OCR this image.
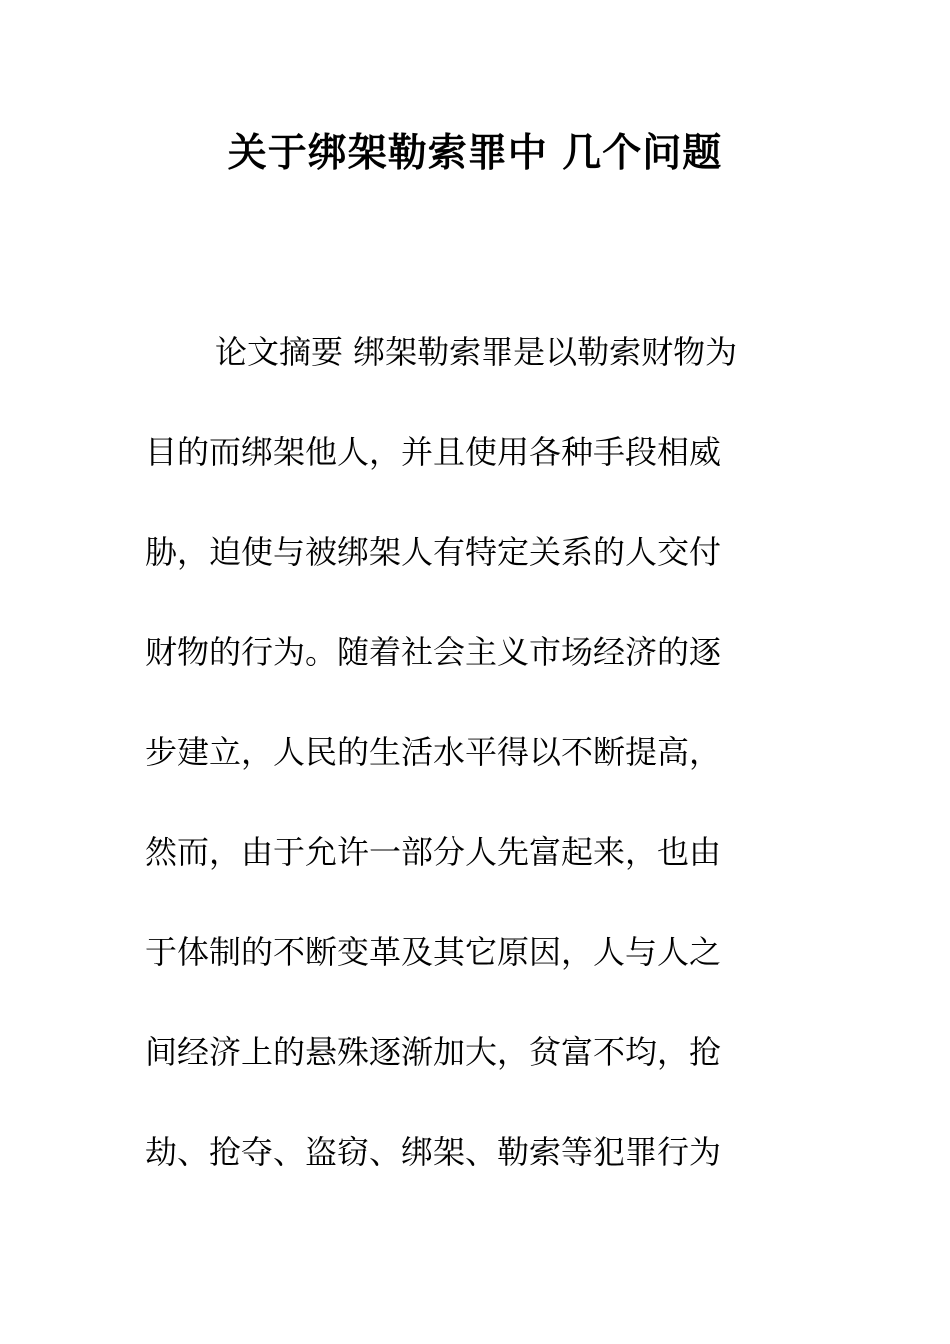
关于绑架勒索罪中 几个问题
论文摘要 绑架勒索罪是以勒索财物为
目的而绑架他人，并且使用各种手段相威
胁，迫使与被绑架人有特定关系的人交付
财物的行为。随着社会主义市场经济的逐
步建立，人民的生活水平得以不断提高，
然而，由于允许一部分人先富起来，也由
于体制的不断变革及其它原因，人与人之
间经济上的悬殊逐渐加大，贫富不均，抢
劫、抢夺、盗窃、绑架、勒索等犯罪行为
